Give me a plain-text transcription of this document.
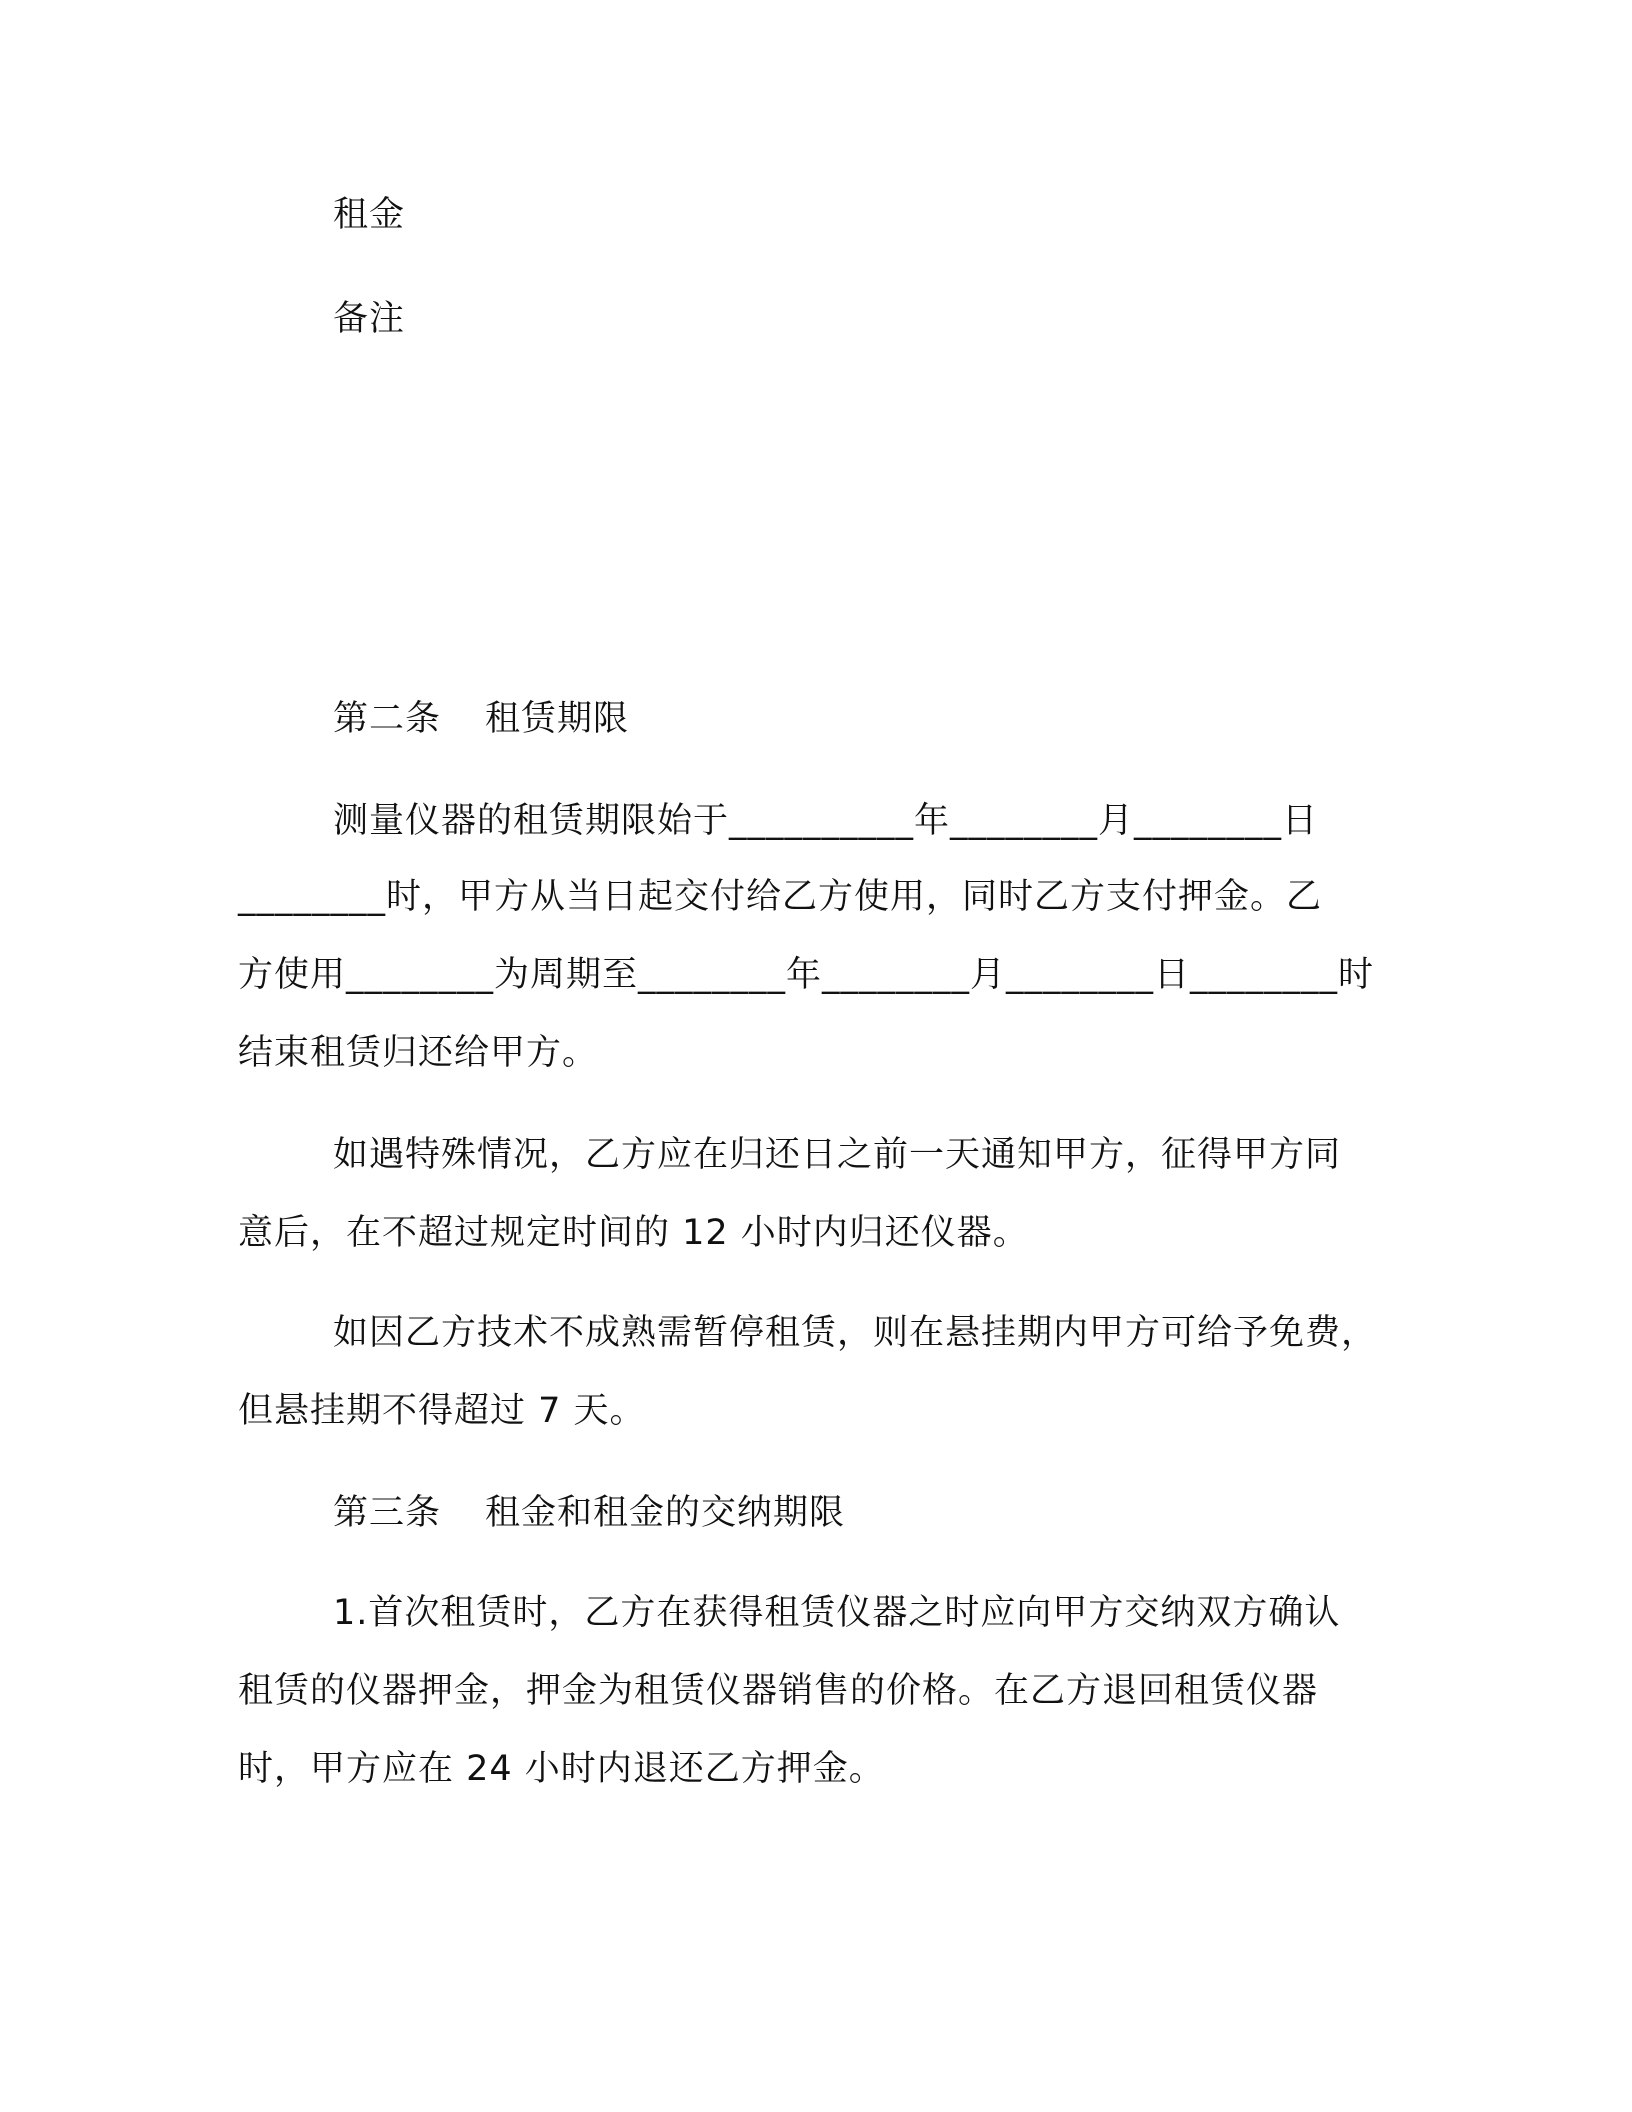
租金
备注
第二条 租赁期限
测量仪器的租赁期限始于__________年________月________日
________时，甲方从当日起交付给乙方使用，同时乙方支付押金。乙
方使用________为周期至________年________月________日________时
结束租赁归还给甲方。
如遇特殊情况，乙方应在归还日之前一天通知甲方，征得甲方同
意后，在不超过规定时间的 12 小时内归还仪器。
如因乙方技术不成熟需暂停租赁，则在悬挂期内甲方可给予免费，
但悬挂期不得超过 7 天。
第三条 租金和租金的交纳期限
1.首次租赁时，乙方在获得租赁仪器之时应向甲方交纳双方确认
租赁的仪器押金，押金为租赁仪器销售的价格。在乙方退回租赁仪器
时，甲方应在 24 小时内退还乙方押金。
